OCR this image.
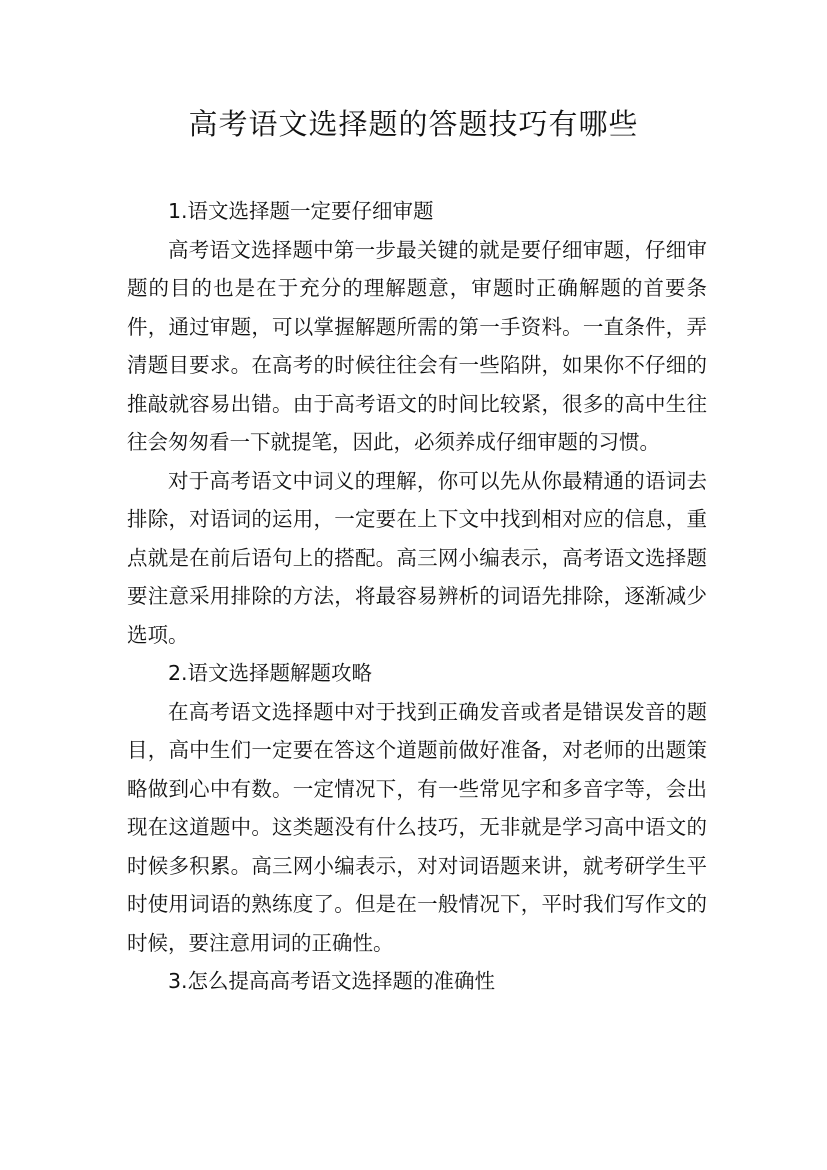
高考语文选择题的答题技巧有哪些

1.语文选择题一定要仔细审题

高考语文选择题中第一步最关键的就是要仔细审题，仔细审题的目的也是在于充分的理解题意，审题时正确解题的首要条件，通过审题，可以掌握解题所需的第一手资料。一直条件，弄清题目要求。在高考的时候往往会有一些陷阱，如果你不仔细的推敲就容易出错。由于高考语文的时间比较紧，很多的高中生往往会匆匆看一下就提笔，因此，必须养成仔细审题的习惯。

对于高考语文中词义的理解，你可以先从你最精通的语词去排除，对语词的运用，一定要在上下文中找到相对应的信息，重点就是在前后语句上的搭配。高三网小编表示，高考语文选择题要注意采用排除的方法，将最容易辨析的词语先排除，逐渐减少选项。

2.语文选择题解题攻略

在高考语文选择题中对于找到正确发音或者是错误发音的题目，高中生们一定要在答这个道题前做好准备，对老师的出题策略做到心中有数。一定情况下，有一些常见字和多音字等，会出现在这道题中。这类题没有什么技巧，无非就是学习高中语文的时候多积累。高三网小编表示，对对词语题来讲，就考研学生平时使用词语的熟练度了。但是在一般情况下，平时我们写作文的时候，要注意用词的正确性。

3.怎么提高高考语文选择题的准确性
